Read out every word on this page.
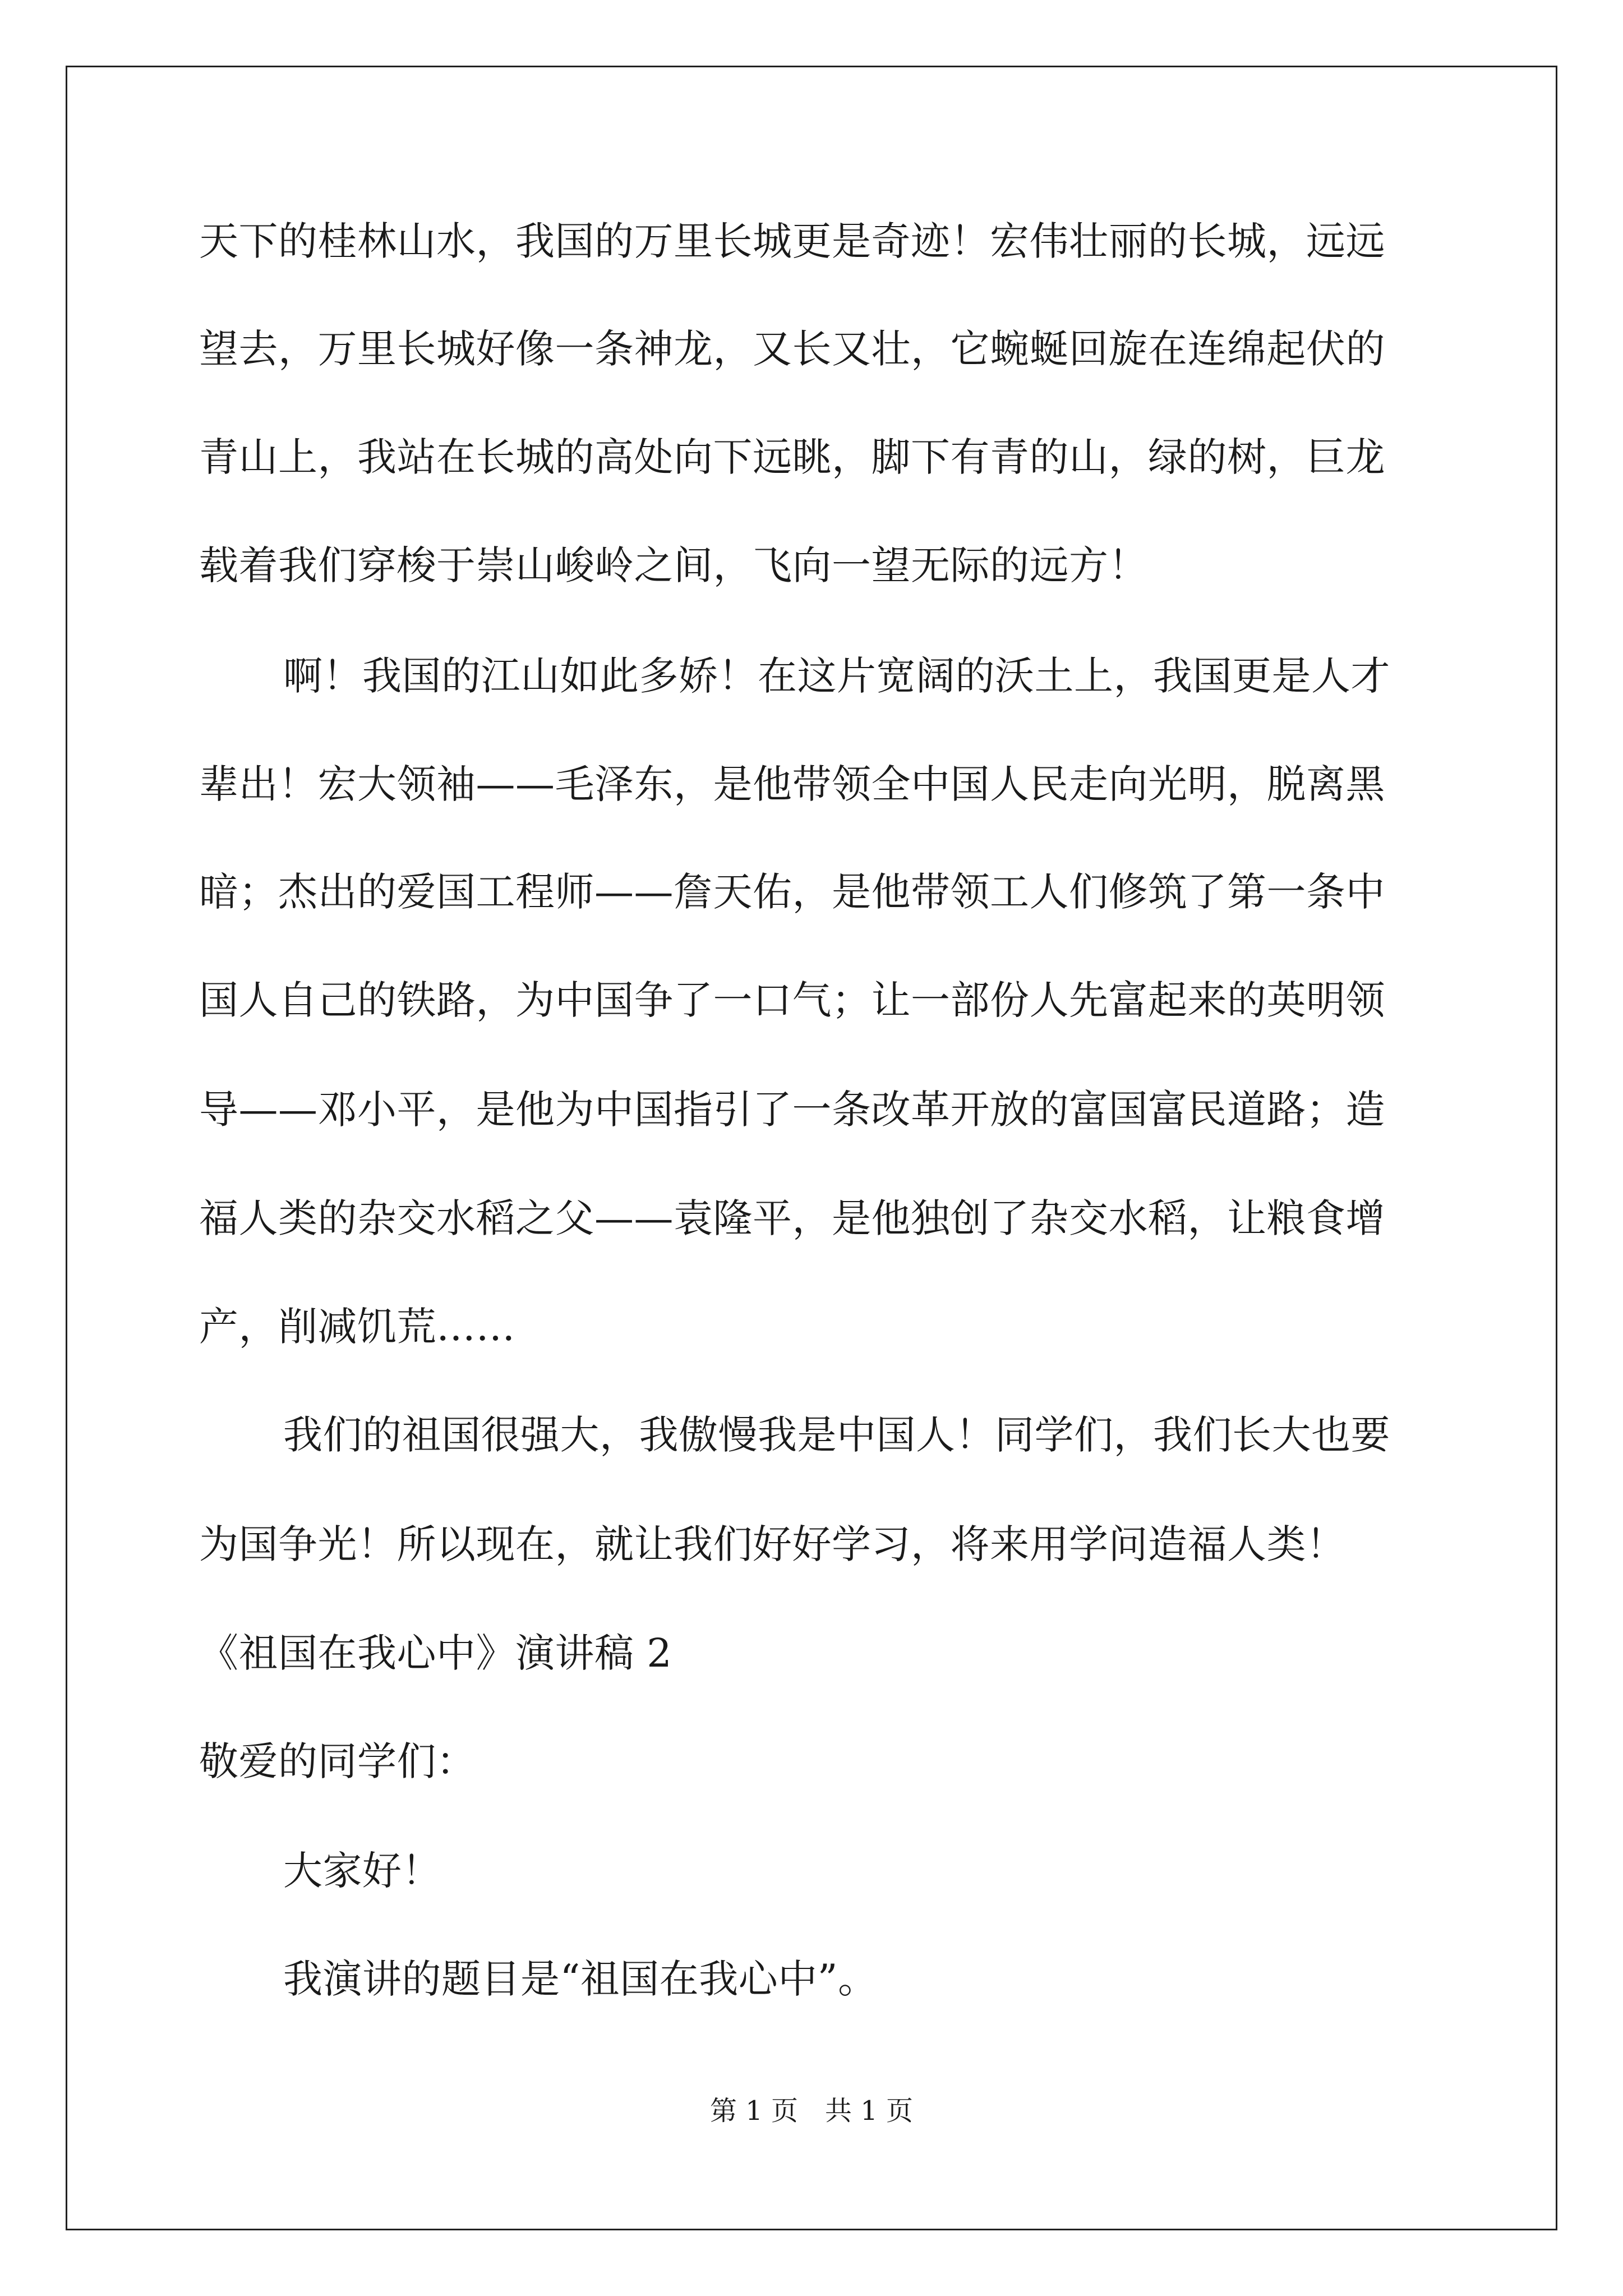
天下的桂林山水，我国的万里长城更是奇迹！宏伟壮丽的长城，远远
望去，万里长城好像一条神龙，又长又壮，它蜿蜒回旋在连绵起伏的
青山上，我站在长城的高处向下远眺，脚下有青的山，绿的树，巨龙
载着我们穿梭于崇山峻岭之间，飞向一望无际的远方！
啊！我国的江山如此多娇！在这片宽阔的沃土上，我国更是人才
辈出！宏大领袖——毛泽东，是他带领全中国人民走向光明，脱离黑
暗；杰出的爱国工程师——詹天佑，是他带领工人们修筑了第一条中
国人自己的铁路，为中国争了一口气；让一部份人先富起来的英明领
导——邓小平，是他为中国指引了一条改革开放的富国富民道路；造
福人类的杂交水稻之父——袁隆平，是他独创了杂交水稻，让粮食增
产，削减饥荒……
我们的祖国很强大，我傲慢我是中国人！同学们，我们长大也要
为国争光！所以现在，就让我们好好学习，将来用学问造福人类！
《祖国在我心中》演讲稿 2
敬爱的同学们：
大家好！
我演讲的题目是“祖国在我心中”。
第 1 页 共 1 页
